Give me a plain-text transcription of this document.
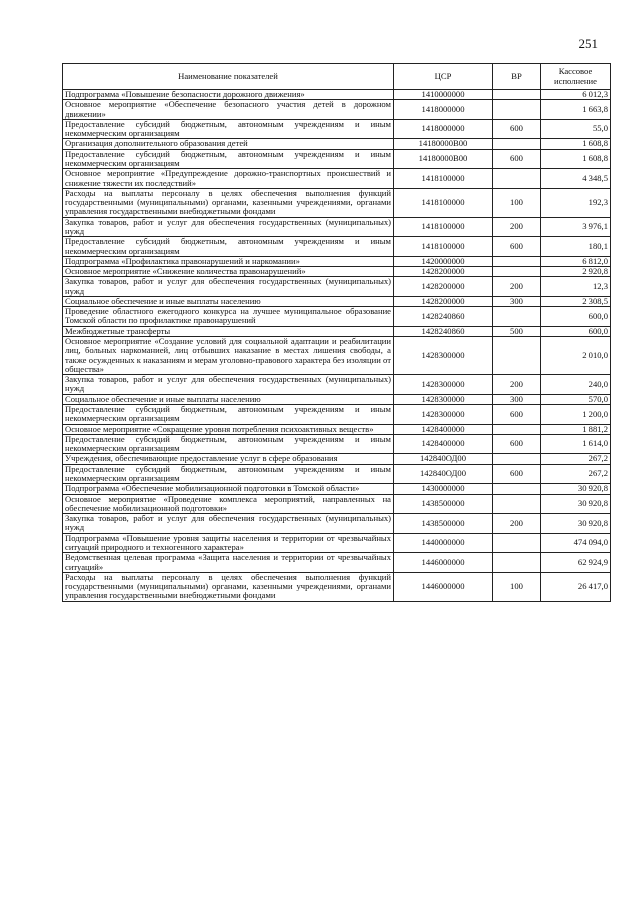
251
Наименование показателей	ЦСР	ВР	Кассовое исполнение
Подпрограмма «Повышение безопасности дорожного движения»	1410000000		6 012,3
Основное мероприятие «Обеспечение безопасного участия детей в дорожном движении»	1418000000		1 663,8
Предоставление субсидий бюджетным, автономным учреждениям и иным некоммерческим организациям	1418000000	600	55,0
Организация дополнительного образования детей	14180000В00		1 608,8
Предоставление субсидий бюджетным, автономным учреждениям и иным некоммерческим организациям	14180000В00	600	1 608,8
Основное мероприятие «Предупреждение дорожно-транспортных происшествий и снижение тяжести их последствий»	1418100000		4 348,5
Расходы на выплаты персоналу в целях обеспечения выполнения функций государственными (муниципальными) органами, казенными учреждениями, органами управления государственными внебюджетными фондами	1418100000	100	192,3
Закупка товаров, работ и услуг для обеспечения государственных (муниципальных) нужд	1418100000	200	3 976,1
Предоставление субсидий бюджетным, автономным учреждениям и иным некоммерческим организациям	1418100000	600	180,1
Подпрограмма «Профилактика правонарушений и наркомании»	1420000000		6 812,0
Основное мероприятие «Снижение количества правонарушений»	1428200000		2 920,8
Закупка товаров, работ и услуг для обеспечения государственных (муниципальных) нужд	1428200000	200	12,3
Социальное обеспечение и иные выплаты населению	1428200000	300	2 308,5
Проведение областного ежегодного конкурса на лучшее муниципальное образование Томской области по профилактике правонарушений	1428240860		600,0
Межбюджетные трансферты	1428240860	500	600,0
Основное мероприятие «Создание условий для социальной адаптации и реабилитации лиц, больных наркоманией, лиц отбывших наказание в местах лишения свободы, а также осужденных к наказаниям и мерам уголовно-правового характера без изоляции от общества»	1428300000		2 010,0
Закупка товаров, работ и услуг для обеспечения государственных (муниципальных) нужд	1428300000	200	240,0
Социальное обеспечение и иные выплаты населению	1428300000	300	570,0
Предоставление субсидий бюджетным, автономным учреждениям и иным некоммерческим организациям	1428300000	600	1 200,0
Основное мероприятие «Сокращение уровня потребления психоактивных веществ»	1428400000		1 881,2
Предоставление субсидий бюджетным, автономным учреждениям и иным некоммерческим организациям	1428400000	600	1 614,0
Учреждения, обеспечивающие предоставление услуг в сфере образования	142840ОД00		267,2
Предоставление субсидий бюджетным, автономным учреждениям и иным некоммерческим организациям	142840ОД00	600	267,2
Подпрограмма «Обеспечение мобилизационной подготовки в Томской области»	1430000000		30 920,8
Основное мероприятие «Проведение комплекса мероприятий, направленных на обеспечение мобилизационной подготовки»	1438500000		30 920,8
Закупка товаров, работ и услуг для обеспечения государственных (муниципальных) нужд	1438500000	200	30 920,8
Подпрограмма «Повышение уровня защиты населения и территории от чрезвычайных ситуаций природного и техногенного характера»	1440000000		474 094,0
Ведомственная целевая программа «Защита населения и территории от чрезвычайных ситуаций»	1446000000		62 924,9
Расходы на выплаты персоналу в целях обеспечения выполнения функций государственными (муниципальными) органами, казенными учреждениями, органами управления государственными внебюджетными фондами	1446000000	100	26 417,0
